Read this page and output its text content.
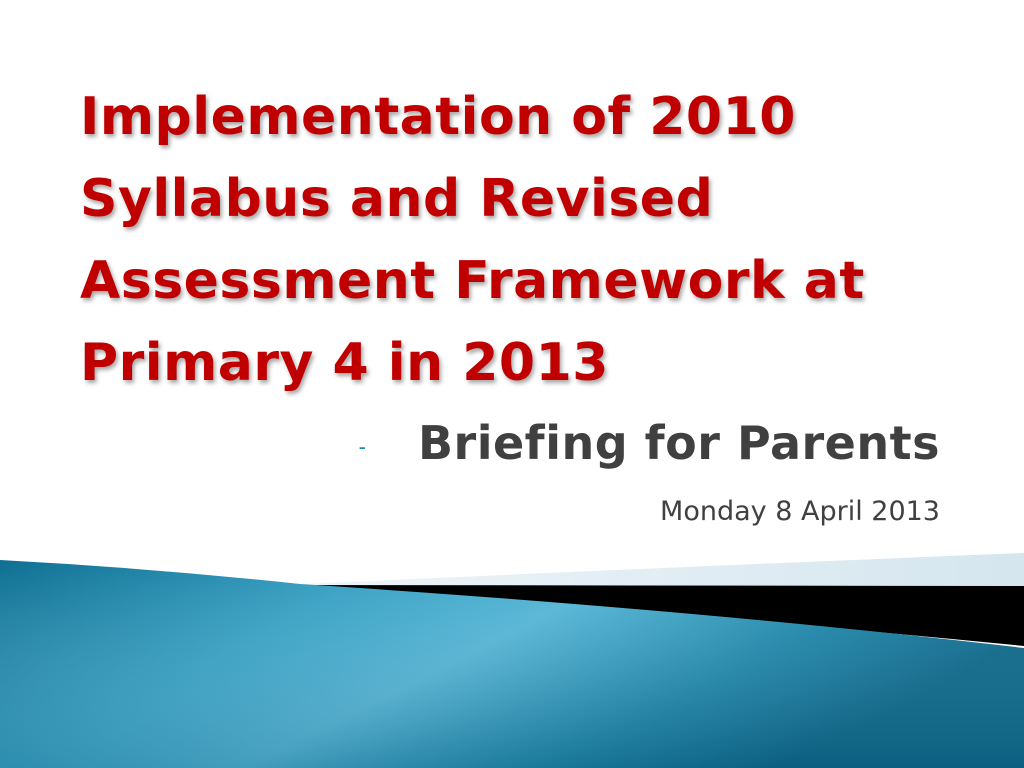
Implementation of 2010
Syllabus and Revised
Assessment Framework at
Primary 4 in 2013
- Briefing for Parents
Monday 8 April 2013
